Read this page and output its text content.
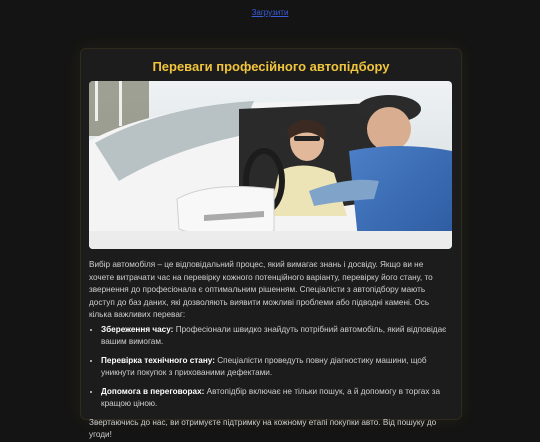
Загрузити
Переваги професійного автопідбору

Вибір автомобіля – це відповідальний процес, який вимагає знань і досвіду. Якщо ви не хочете витрачати час на перевірку кожного потенційного варіанту, перевірку його стану, то звернення до професіонала є оптимальним рішенням. Спеціалісти з автопідбору мають доступ до баз даних, які дозволяють виявити можливі проблеми або підводні камені. Ось кілька важливих переваг:

• Збереження часу: Професіонали швидко знайдуть потрібний автомобіль, який відповідає вашим вимогам.
• Перевірка технічного стану: Спеціалісти проведуть повну діагностику машини, щоб уникнути покупок з прихованими дефектами.
• Допомога в переговорах: Автопідбір включає не тільки пошук, а й допомогу в торгах за кращою ціною.

Звертаючись до нас, ви отримуєте підтримку на кожному етапі покупки авто. Від пошуку до угоди!
